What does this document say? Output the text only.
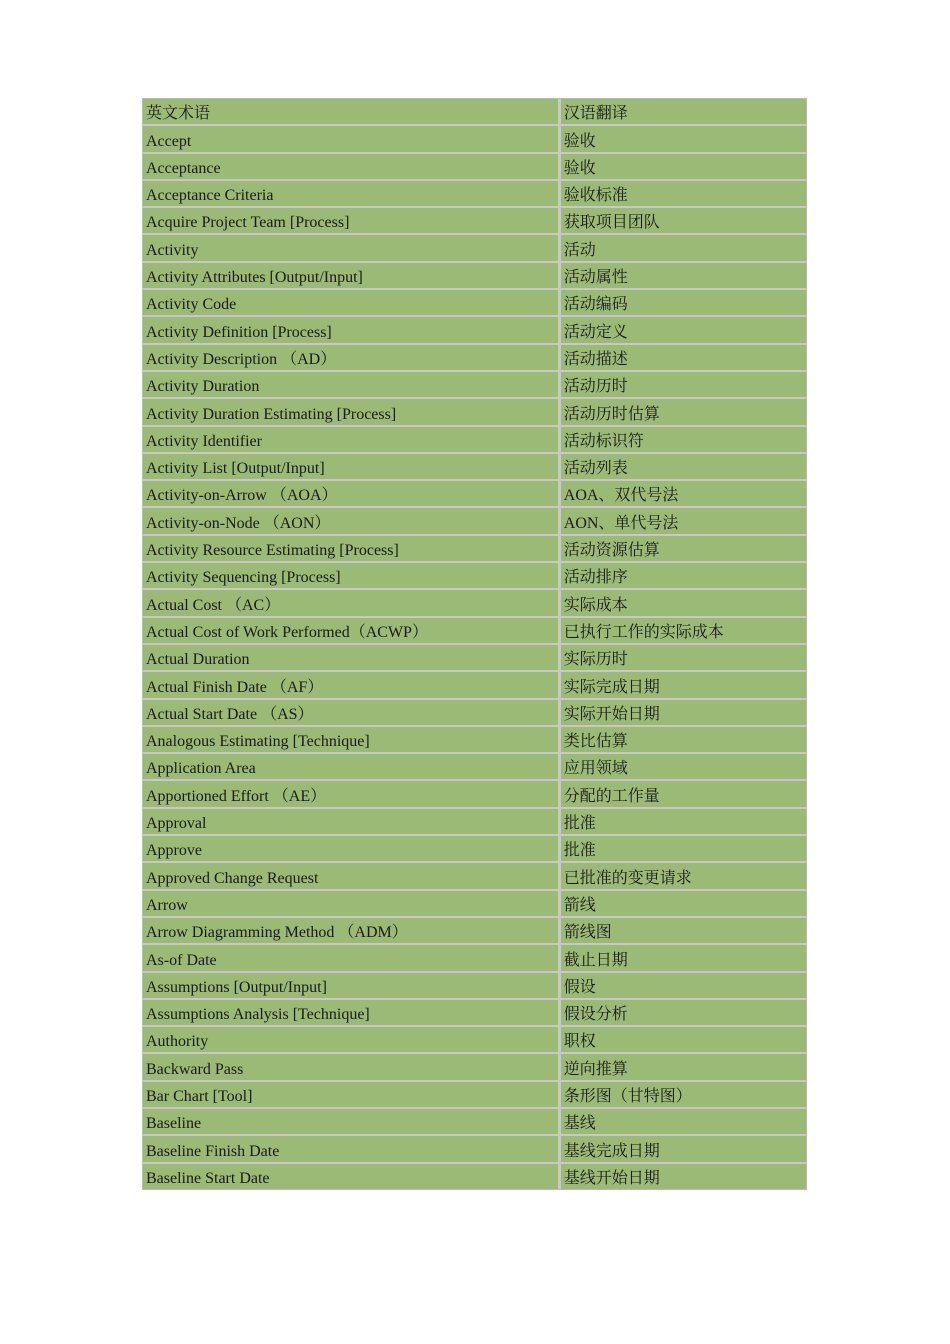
英文术语	汉语翻译
Accept	验收
Acceptance	验收
Acceptance Criteria	验收标准
Acquire Project Team [Process]	获取项目团队
Activity	活动
Activity Attributes [Output/Input]	活动属性
Activity Code	活动编码
Activity Definition [Process]	活动定义
Activity Description （AD）	活动描述
Activity Duration	活动历时
Activity Duration Estimating [Process]	活动历时估算
Activity Identifier	活动标识符
Activity List [Output/Input]	活动列表
Activity-on-Arrow （AOA）	AOA、双代号法
Activity-on-Node （AON）	AON、单代号法
Activity Resource Estimating [Process]	活动资源估算
Activity Sequencing [Process]	活动排序
Actual Cost （AC）	实际成本
Actual Cost of Work Performed（ACWP）	已执行工作的实际成本
Actual Duration	实际历时
Actual Finish Date （AF）	实际完成日期
Actual Start Date （AS）	实际开始日期
Analogous Estimating [Technique]	类比估算
Application Area	应用领域
Apportioned Effort （AE）	分配的工作量
Approval	批准
Approve	批准
Approved Change Request	已批准的变更请求
Arrow	箭线
Arrow Diagramming Method （ADM）	箭线图
As-of Date	截止日期
Assumptions [Output/Input]	假设
Assumptions Analysis [Technique]	假设分析
Authority	职权
Backward Pass	逆向推算
Bar Chart [Tool]	条形图（甘特图）
Baseline	基线
Baseline Finish Date	基线完成日期
Baseline Start Date	基线开始日期
